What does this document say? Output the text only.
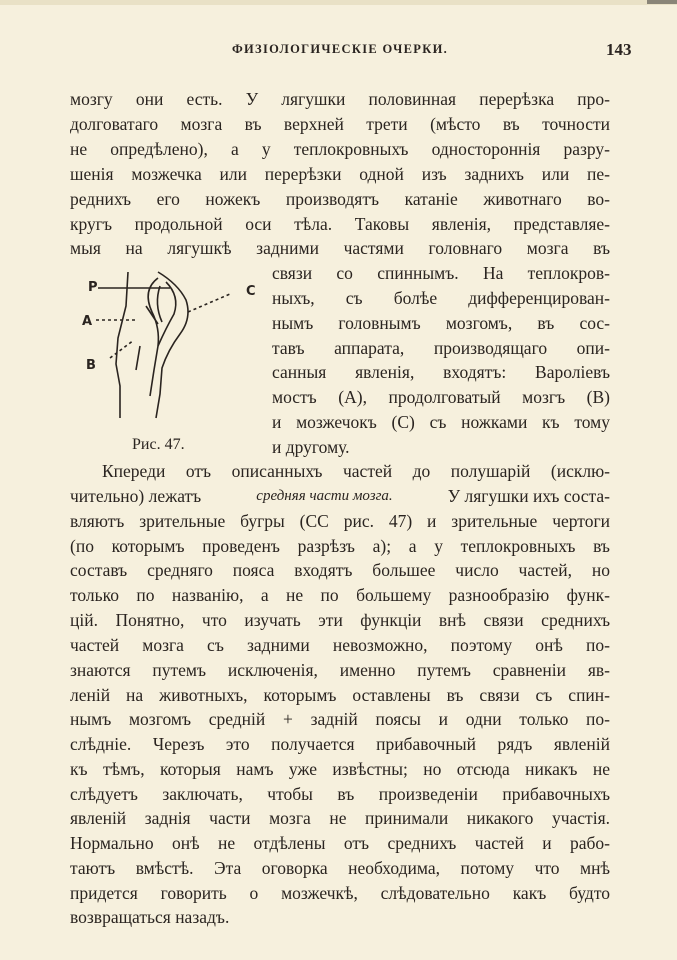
ФИЗIОЛОГИЧЕСКIЕ ОЧЕРКИ.	143
мозгу они есть. У лягушки половинная перерѣзка про-
долговатаго мозга въ верхней трети (мѣсто въ точности
не опредѣлено), а у теплокровныхъ одностороннія разру-
шенія мозжечка или перерѣзки одной изъ заднихъ или пе-
реднихъ его ножекъ производятъ катаніе животнаго во-
кругъ продольной оси тѣла. Таковы явленія, представляе-
мыя на лягушкѣ задними частями головнаго мозга въ
связи со спиннымъ. На теплокров-
ныхъ, съ болѣе дифференцирован-
нымъ головнымъ мозгомъ, въ сос-
тавъ аппарата, производящаго опи-
санныя явленія, входятъ: Варолiевъ
мостъ (A), продолговатый мозгъ (B)
и мозжечокъ (C) съ ножками къ тому
и другому.
P
A
B
C
Рис. 47.
Кпереди отъ описанныхъ частей до полушарій (исклю-
чительно) лежатъ	средняя части мозга.	У лягушки ихъ соста-
вляютъ зрительные бугры (СС рис. 47) и зрительные чертоги
(по которымъ проведенъ разрѣзъ a); а у теплокровныхъ въ
составъ средняго пояса входятъ большее число частей, но
только по названію, а не по большему разнообразію функ-
цій. Понятно, что изучать эти функціи внѣ связи среднихъ
частей мозга съ задними невозможно, поэтому онѣ по-
знаются путемъ исключенія, именно путемъ сравненіи яв-
леній на животныхъ, которымъ оставлены въ связи съ спин-
нымъ мозгомъ средній + задній поясы и одни только по-
слѣдніе. Черезъ это получается прибавочный рядъ явленій
къ тѣмъ, которыя намъ уже извѣстны; но отсюда никакъ не
слѣдуетъ заключать, чтобы въ произведеніи прибавочныхъ
явленій заднія части мозга не принимали никакого участія.
Нормально онѣ не отдѣлены отъ среднихъ частей и рабо-
таютъ вмѣстѣ. Эта оговорка необходима, потому что мнѣ
придется говорить о мозжечкѣ, слѣдовательно какъ будто
возвращаться назадъ.
